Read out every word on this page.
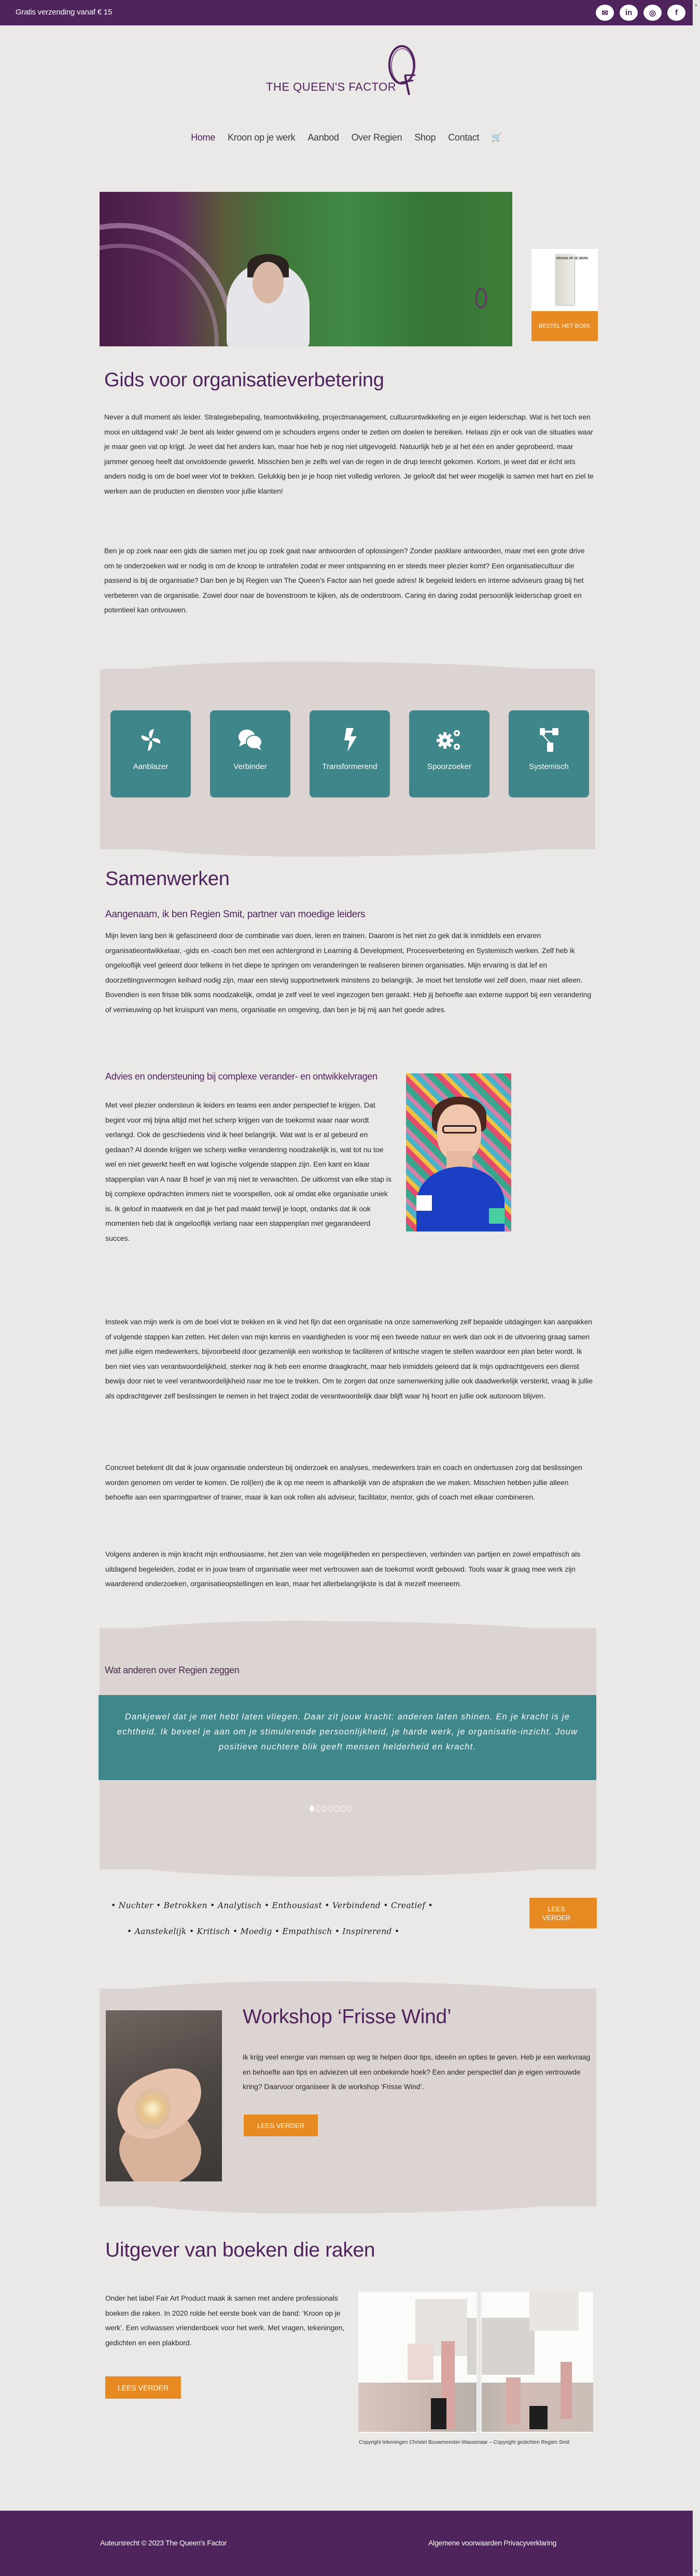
Gratis verzending vanaf € 15	✉	in	◎	f
▲
▼
THE QUEEN'S FACTOR
Home Kroon op je werk Aanbod Over Regien Shop Contact 🛒
KROON OP JE WERK
BESTEL HET BOEK
Gids voor organisatieverbetering

Never a dull moment als leider. Strategiebepaling, teamontwikkeling, projectmanagement, cultuurontwikkeling en je eigen leiderschap. Wat is het toch een mooi en uitdagend vak! Je bent als leider gewend om je schouders ergens onder te zetten om doelen te bereiken. Helaas zijn er ook van die situaties waar je maar geen vat op krijgt. Je weet dat het anders kan, maar hoe heb je nog niet uitgevogeld. Natuurlijk heb je al het één en ander geprobeerd, maar jammer genoeg heeft dat onvoldoende gewerkt. Misschien ben je zelfs wel van de regen in de drup terecht gekomen. Kortom, je weet dat er écht iets anders nodig is om de boel weer vlot te trekken. Gelukkig ben je je hoop niet volledig verloren. Je gelooft dat het weer mogelijk is samen met hart en ziel te werken aan de producten en diensten voor jullie klanten!

Ben je op zoek naar een gids die samen met jou op zoek gaat naar antwoorden of oplossingen? Zonder pasklare antwoorden, maar met een grote drive om te onderzoeken wat er nodig is om de knoop te ontrafelen zodat er meer ontspanning en er steeds meer plezier komt? Een organisatiecultuur die passend is bij de organisatie? Dan ben je bij Regien van The Queen’s Factor aan het goede adres! Ik begeleid leiders en interne adviseurs graag bij het verbeteren van de organisatie. Zowel door naar de bovenstroom te kijken, als de onderstroom. Caring én daring zodat persoonlijk leiderschap groeit en potentieel kan ontvouwen.

Aanblazer	Verbinder	Transformerend	Spoorzoeker	Systemisch
Samenwerken
Aangenaam, ik ben Regien Smit, partner van moedige leiders

Mijn leven lang ben ik gefascineerd door de combinatie van doen, leren en trainen. Daarom is het niet zo gek dat ik inmiddels een ervaren organisatieontwikkelaar, -gids en -coach ben met een achtergrond in Learning & Development, Procesverbetering en Systemisch werken. Zelf heb ik ongelooflijk veel geleerd door telkens in het diepe te springen om veranderingen te realiseren binnen organisaties. Mijn ervaring is dat lef en doorzettingsvermogen keihard nodig zijn, maar een stevig supportnetwerk minstens zo belangrijk. Je moet het tenslotte wel zelf doen, maar niet alleen. Bovendien is een frisse blik soms noodzakelijk, omdat je zelf veel te veel ingezogen ben geraakt. Heb jij behoefte aan externe support bij een verandering of vernieuwing op het kruispunt van mens, organisatie en omgeving, dan ben je bij mij aan het goede adres.

Advies en ondersteuning bij complexe verander- en ontwikkelvragen

Met veel plezier ondersteun ik leiders en teams een ander perspectief te krijgen. Dat begint voor mij bijna altijd met het scherp krijgen van de toekomst waar naar wordt verlangd. Ook de geschiedenis vind ik heel belangrijk. Wat wat is er al gebeurd en gedaan? Al doende krijgen we scherp welke verandering noodzakelijk is, wat tot nu toe wel en niet gewerkt heeft en wat logische volgende stappen zijn. Een kant en klaar stappenplan van A naar B hoef je van mij niet te verwachten. De uitkomst van elke stap is bij complexe opdrachten immers niet te voorspellen, ook al omdat elke organisatie uniek is. Ik geloof in maatwerk en dat je het pad maakt terwijl je loopt, ondanks dat ik ook momenten heb dat ik ongelooflijk verlang naar een stappenplan met gegarandeerd succes.

Insteek van mijn werk is om de boel vlot te trekken en ik vind het fijn dat een organisatie na onze samenwerking zelf bepaalde uitdagingen kan aanpakken of volgende stappen kan zetten. Het delen van mijn kennis en vaardigheden is voor mij een tweede natuur en werk dan ook in de uitvoering graag samen met jullie eigen medewerkers, bijvoorbeeld door gezamenlijk een workshop te faciliteren of kritische vragen te stellen waardoor een plan beter wordt. Ik ben niet vies van verantwoordelijkheid, sterker nog ik heb een enorme draagkracht, maar heb inmiddels geleerd dat ik mijn opdrachtgevers een dienst bewijs door niet te veel verantwoordelijkheid naar me toe te trekken. Om te zorgen dat onze samenwerking jullie ook daadwerkelijk versterkt, vraag ik jullie als opdrachtgever zelf beslissingen te nemen in het traject zodat de verantwoordelijk daar blijft waar hij hoort en jullie ook autonoom blijven.

Concreet betekent dit dat ik jouw organisatie ondersteun bij onderzoek en analyses, medewerkers train en coach en ondertussen zorg dat beslissingen worden genomen om verder te komen. De rol(len) die ik op me neem is afhankelijk van de afspraken die we maken. Misschien hebben jullie alleen behoefte aan een sparringpartner of trainer, maar ik kan ook rollen als adviseur, facilitator, mentor, gids of coach met elkaar combineren.

Volgens anderen is mijn kracht mijn enthousiasme, het zien van vele mogelijkheden en perspectieven, verbinden van partijen en zowel empathisch als uitdagend begeleiden, zodat er in jouw team of organisatie weer met vertrouwen aan de toekomst wordt gebouwd. Tools waar ik graag mee werk zijn waarderend onderzoeken, organisatieopstellingen en lean, maar het allerbelangrijkste is dat ik mezelf meeneem.

Wat anderen over Regien zeggen

Dankjewel dat je met hebt laten vliegen. Daar zit jouw kracht: anderen laten shinen. En je kracht is je echtheid. Ik beveel je aan om je stimulerende persoonlijkheid, je harde werk, je organisatie-inzicht. Jouw positieve nuchtere blik geeft mensen helderheid en kracht.

• Nuchter • Betrokken • Analytisch • Enthousiast • Verbindend • Creatief •
• Aanstekelijk • Kritisch • Moedig • Empathisch • Inspirerend •
LEES VERDER
Workshop ‘Frisse Wind’

Ik krijg veel energie van mensen op weg te helpen door tips, ideeën en opties te geven. Heb je een werkvraag en behoefte aan tips en adviezen uit een onbekende hoek? Een ander perspectief dan je eigen vertrouwde kring? Daarvoor organiseer ik de workshop ‘Frisse Wind’.

LEES VERDER
Uitgever van boeken die raken

Onder het label Fair Art Product maak ik samen met andere professionals boeken die raken. In 2020 rolde het eerste boek van de band: ‘Kroon op je werk’. Een volwassen vriendenboek voor het werk. Met vragen, tekeningen, gedichten en een plakbord.

LEES VERDER

Copyright tekeningen Christel Bouwmeester-Wassenaar – Copyright gedichten Regien Smit

Auteursrecht © 2023 The Queen's Factor	Algemene voorwaarden Privacyverklaring
